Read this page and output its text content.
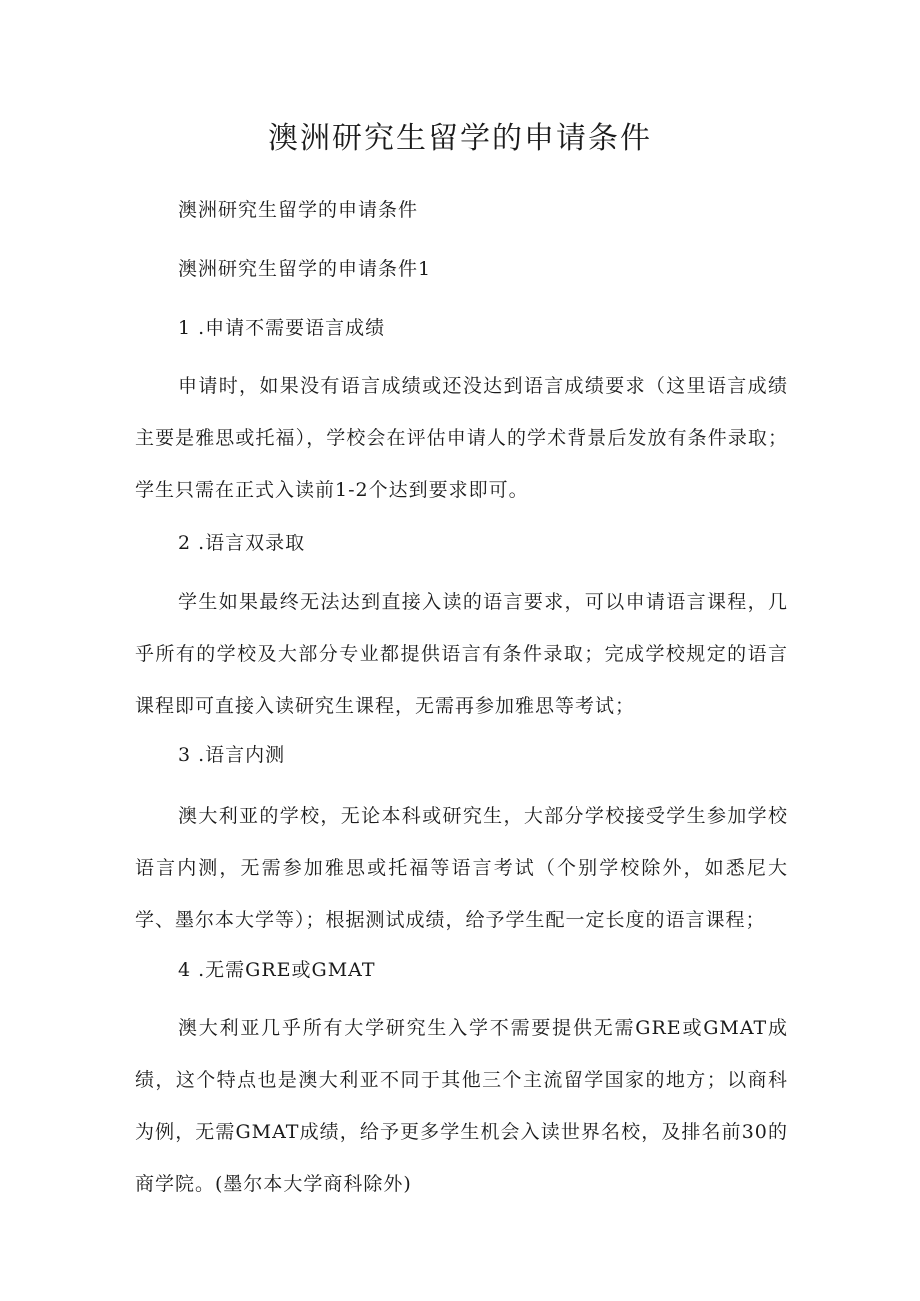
澳洲研究生留学的申请条件

澳洲研究生留学的申请条件

澳洲研究生留学的申请条件1

1 .申请不需要语言成绩

申请时，如果没有语言成绩或还没达到语言成绩要求（这里语言成绩主要是雅思或托福），学校会在评估申请人的学术背景后发放有条件录取；学生只需在正式入读前1-2个达到要求即可。

2 .语言双录取

学生如果最终无法达到直接入读的语言要求，可以申请语言课程，几乎所有的学校及大部分专业都提供语言有条件录取；完成学校规定的语言课程即可直接入读研究生课程，无需再参加雅思等考试；

3 .语言内测

澳大利亚的学校，无论本科或研究生，大部分学校接受学生参加学校语言内测，无需参加雅思或托福等语言考试（个别学校除外，如悉尼大学、墨尔本大学等）；根据测试成绩，给予学生配一定长度的语言课程；

4 .无需GRE或GMAT

澳大利亚几乎所有大学研究生入学不需要提供无需GRE或GMAT成绩，这个特点也是澳大利亚不同于其他三个主流留学国家的地方；以商科为例，无需GMAT成绩，给予更多学生机会入读世界名校，及排名前30的商学院。(墨尔本大学商科除外)
